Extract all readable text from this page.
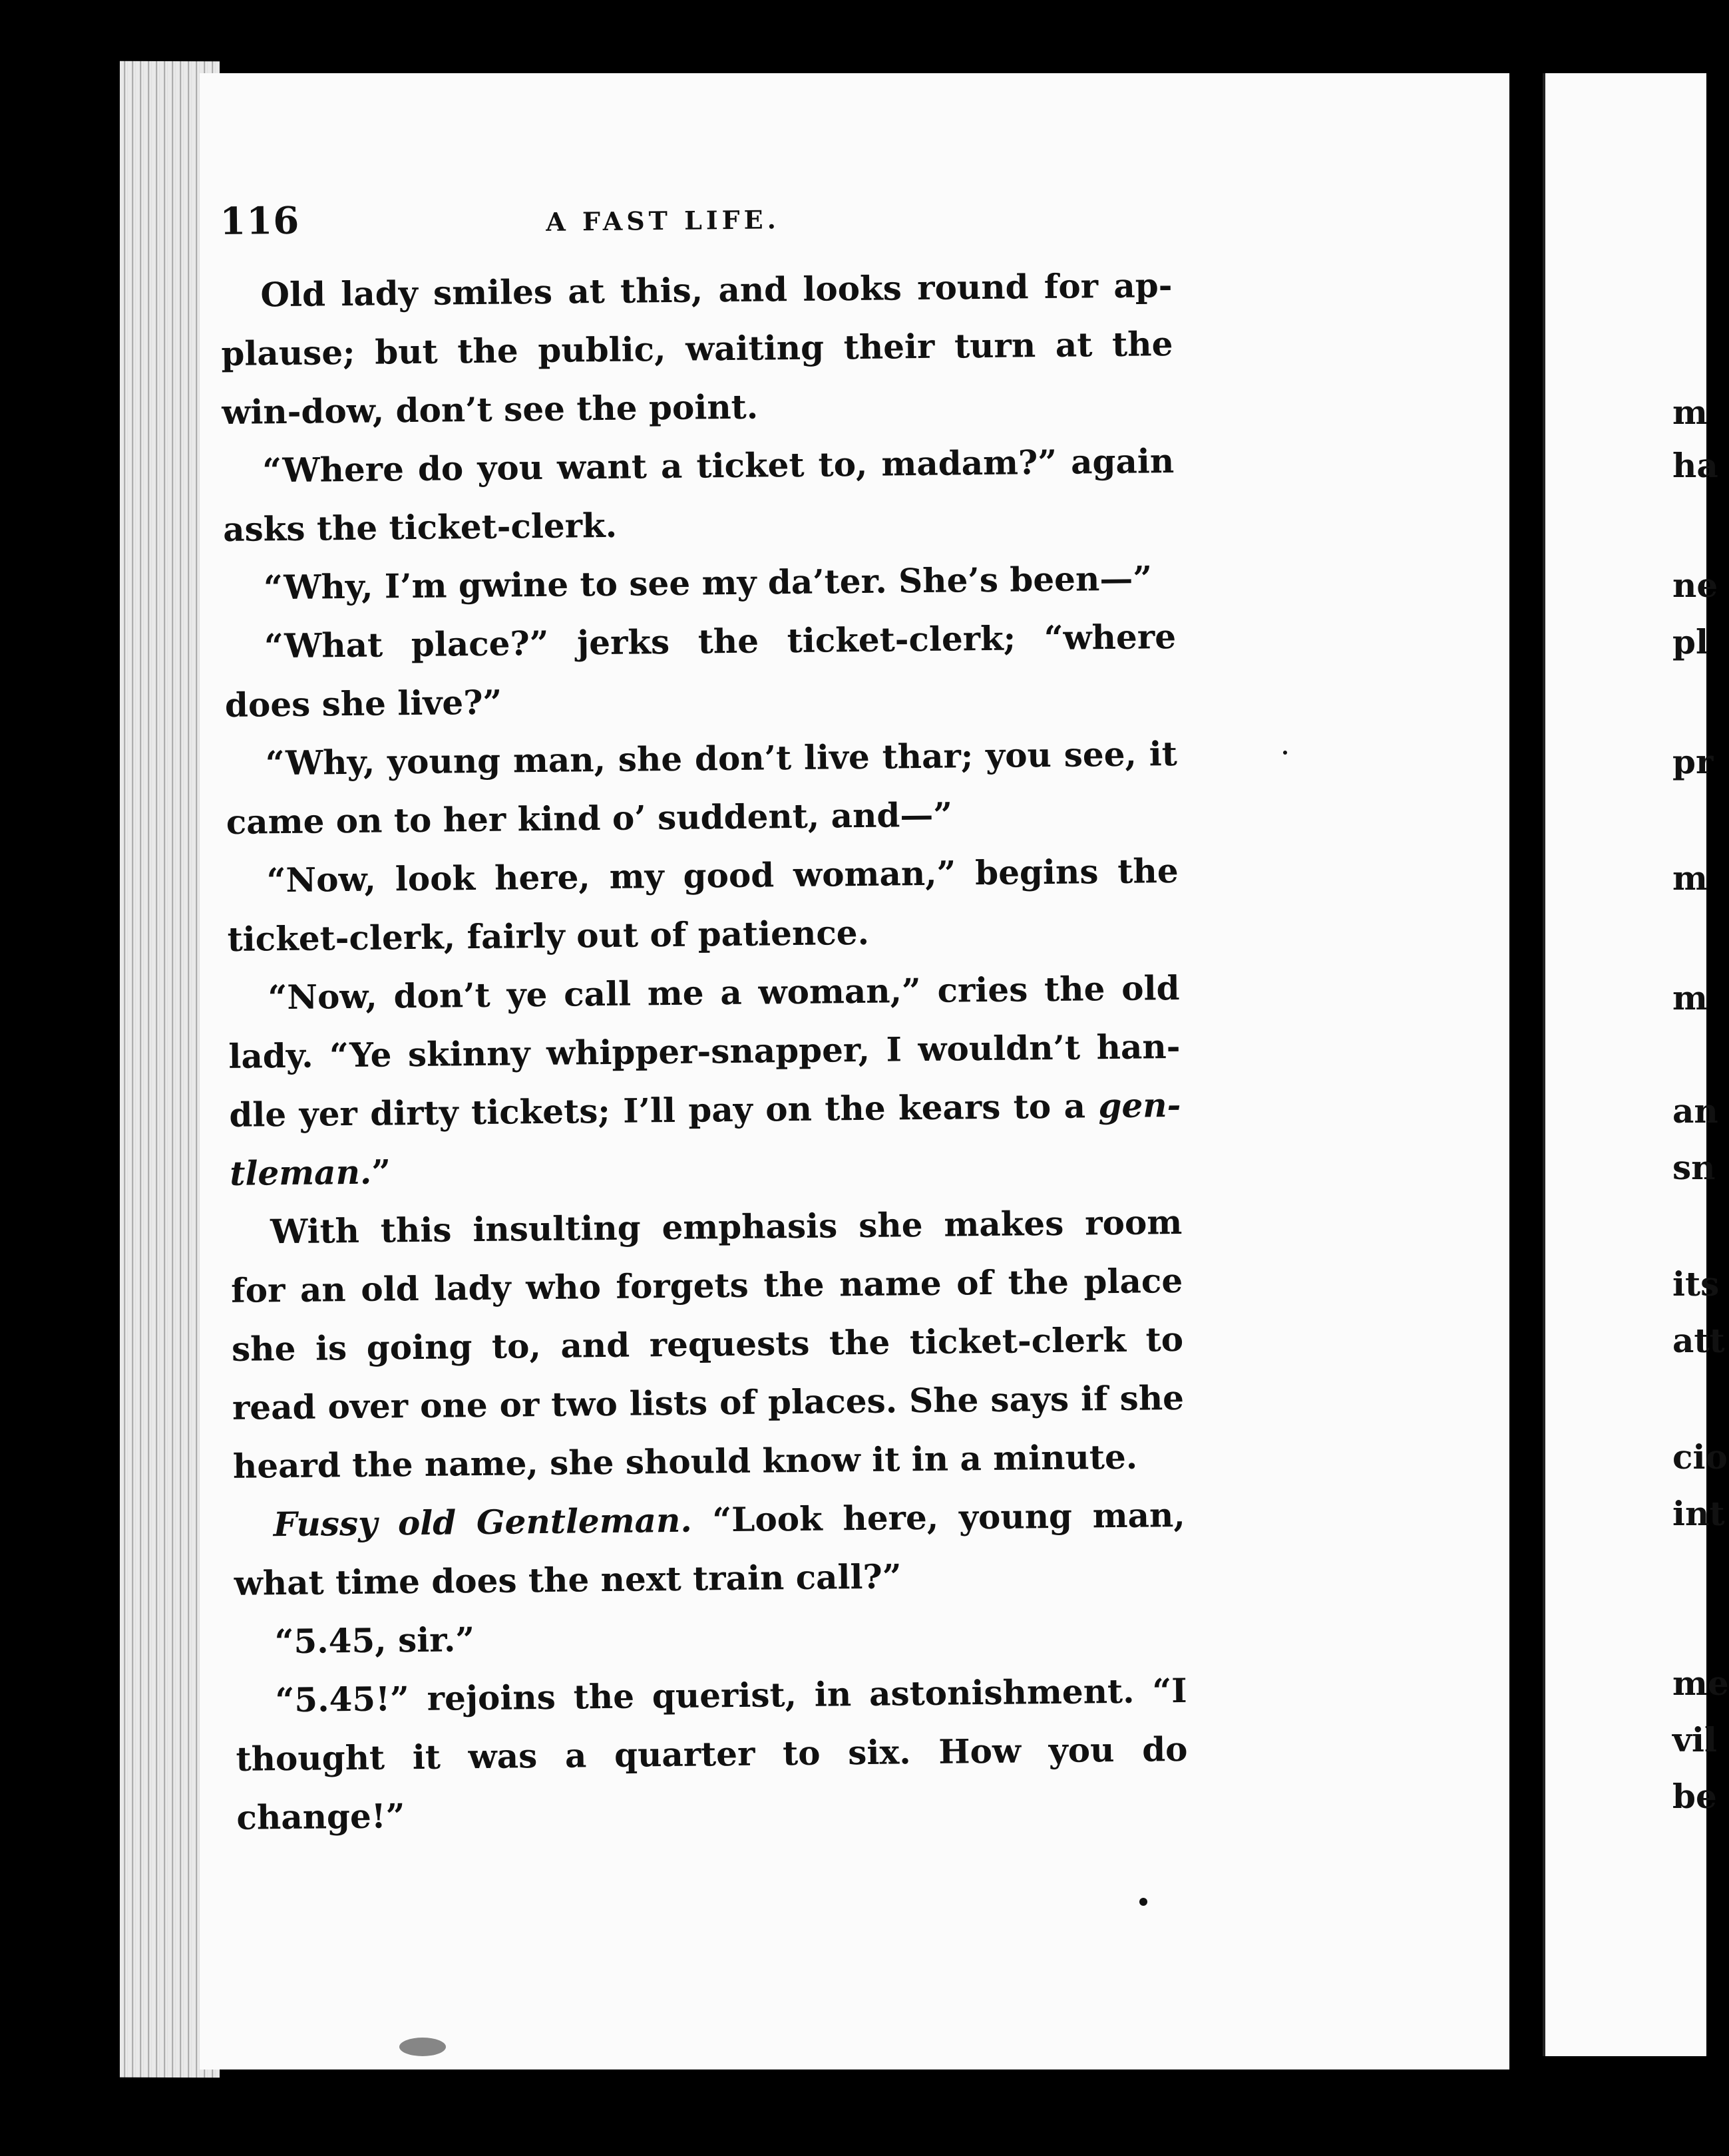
116	A FAST LIFE.

Old lady smiles at this, and looks round for ap-plause; but the public, waiting their turn at the win-dow, don’t see the point.

“Where do you want a ticket to, madam?” again asks the ticket-clerk.

“Why, I’m gwine to see my da’ter. She’s been—”

“What place?” jerks the ticket-clerk; “where does she live?”

“Why, young man, she don’t live thar; you see, it came on to her kind o’ suddent, and—”

“Now, look here, my good woman,” begins the ticket-clerk, fairly out of patience.

“Now, don’t ye call me a woman,” cries the old lady. “Ye skinny whipper-snapper, I wouldn’t han-dle yer dirty tickets; I’ll pay on the kears to a gen-tleman.”

With this insulting emphasis she makes room for an old lady who forgets the name of the place she is going to, and requests the ticket-clerk to read over one or two lists of places. She says if she heard the name, she should know it in a minute.

Fussy old Gentleman. “Look here, young man, what time does the next train call?”

“5.45, sir.”

“5.45!” rejoins the querist, in astonishment. “I thought it was a quarter to six. How you do change!”

m
ha
ne
pl
pr
m
m
an
sn
its
att
cio
int
me
vil
be
